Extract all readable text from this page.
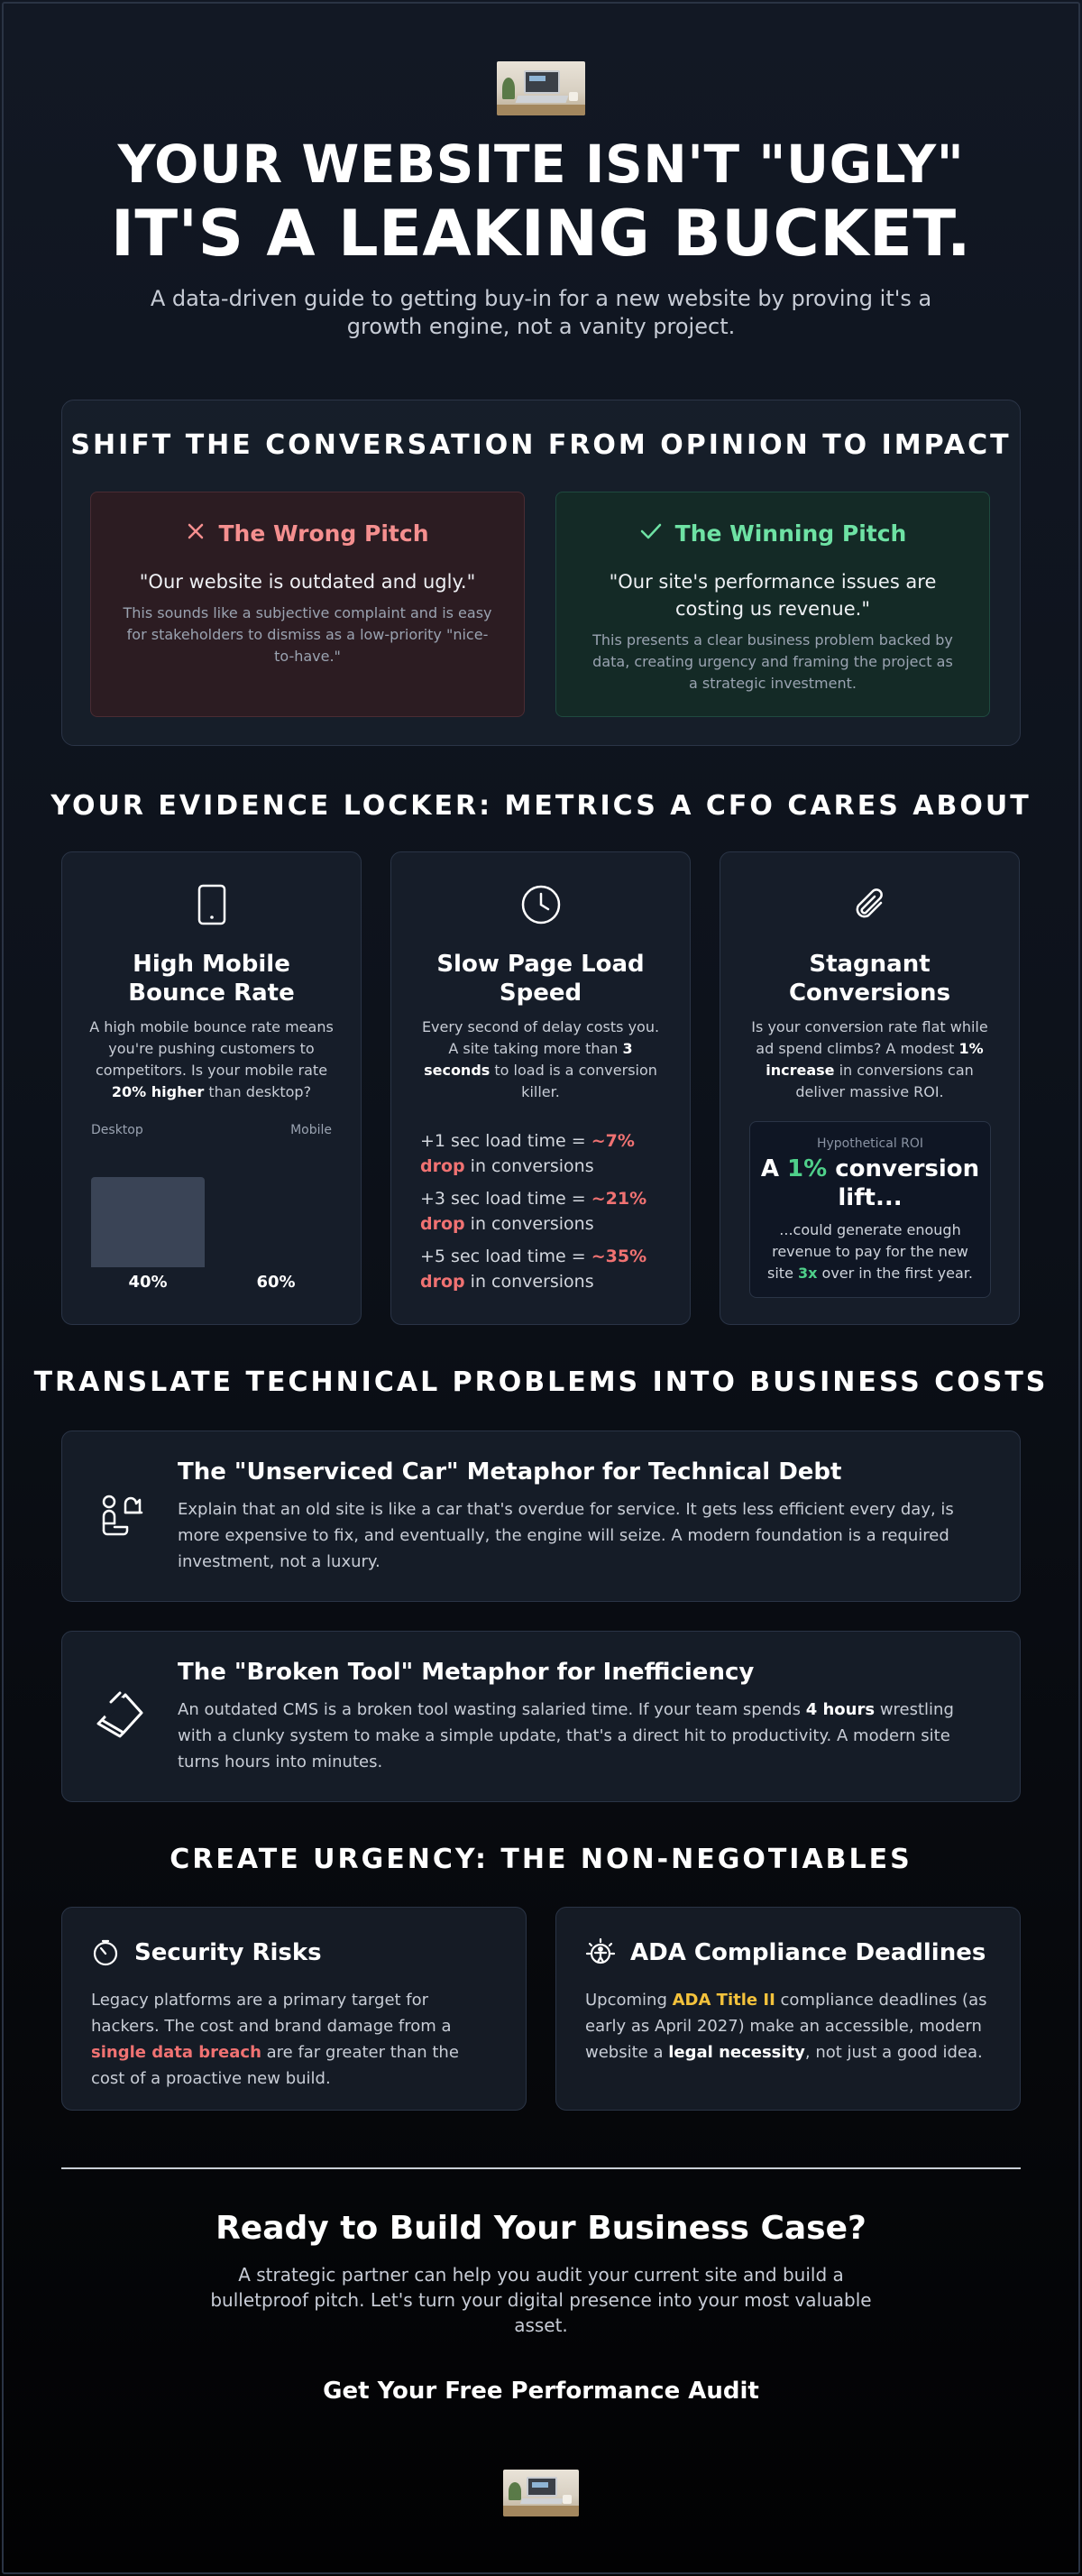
YOUR WEBSITE ISN'T "UGLY"
IT'S A LEAKING BUCKET.
A data-driven guide to getting buy-in for a new website by proving it's a growth engine, not a vanity project.
SHIFT THE CONVERSATION FROM OPINION TO IMPACT
The Wrong Pitch
"Our website is outdated and ugly."
This sounds like a subjective complaint and is easy for stakeholders to dismiss as a low-priority "nice-to-have."
The Winning Pitch
"Our site's performance issues are costing us revenue."
This presents a clear business problem backed by data, creating urgency and framing the project as a strategic investment.
YOUR EVIDENCE LOCKER: METRICS A CFO CARES ABOUT
High Mobile Bounce Rate
A high mobile bounce rate means you're pushing customers to competitors. Is your mobile rate 20% higher than desktop?
Desktop	Mobile
40%	60%
Slow Page Load Speed
Every second of delay costs you. A site taking more than 3 seconds to load is a conversion killer.
+1 sec load time = ~7% drop in conversions
+3 sec load time = ~21% drop in conversions
+5 sec load time = ~35% drop in conversions
Stagnant Conversions
Is your conversion rate flat while ad spend climbs? A modest 1% increase in conversions can deliver massive ROI.
Hypothetical ROI
A 1% conversion lift...
...could generate enough revenue to pay for the new site 3x over in the first year.
TRANSLATE TECHNICAL PROBLEMS INTO BUSINESS COSTS
The "Unserviced Car" Metaphor for Technical Debt

Explain that an old site is like a car that's overdue for service. It gets less efficient every day, is more expensive to fix, and eventually, the engine will seize. A modern foundation is a required investment, not a luxury.

The "Broken Tool" Metaphor for Inefficiency

An outdated CMS is a broken tool wasting salaried time. If your team spends 4 hours wrestling with a clunky system to make a simple update, that's a direct hit to productivity. A modern site turns hours into minutes.

CREATE URGENCY: THE NON-NEGOTIABLES
Security Risks

Legacy platforms are a primary target for hackers. The cost and brand damage from a single data breach are far greater than the cost of a proactive new build.

ADA Compliance Deadlines

Upcoming ADA Title II compliance deadlines (as early as April 2027) make an accessible, modern website a legal necessity, not just a good idea.

Ready to Build Your Business Case?
A strategic partner can help you audit your current site and build a bulletproof pitch. Let's turn your digital presence into your most valuable asset.
Get Your Free Performance Audit
